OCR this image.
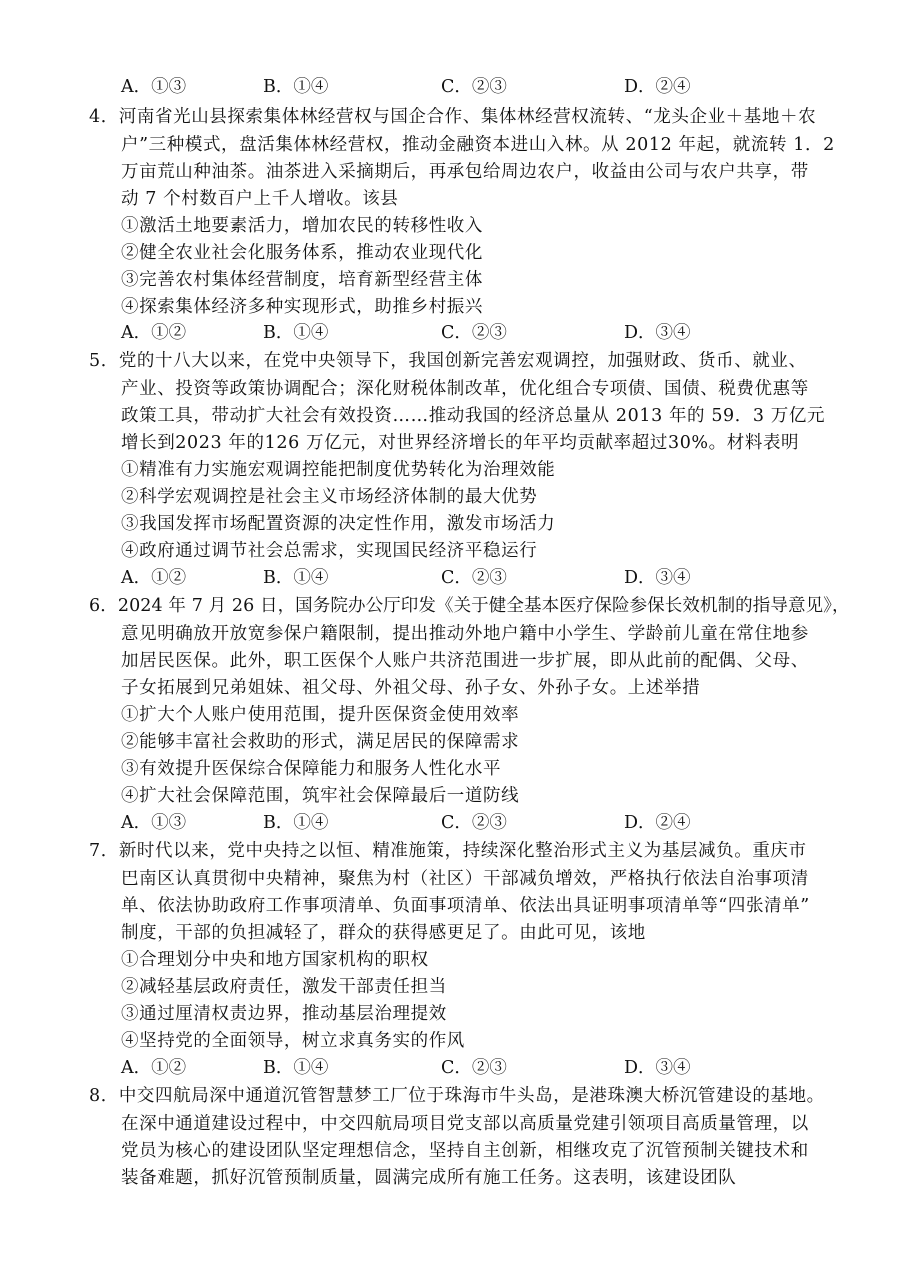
A．①③	B．①④	C．②③	D．②④
4．河南省光山县探索集体林经营权与国企合作、集体林经营权流转、“龙头企业＋基地＋农
户”三种模式，盘活集体林经营权，推动金融资本进山入林。从 2012 年起，就流转 1．2
万亩荒山种油茶。油茶进入采摘期后，再承包给周边农户，收益由公司与农户共享，带
动 7 个村数百户上千人增收。该县
①激活土地要素活力，增加农民的转移性收入
②健全农业社会化服务体系，推动农业现代化
③完善农村集体经营制度，培育新型经营主体
④探索集体经济多种实现形式，助推乡村振兴
A．①②	B．①④	C．②③	D．③④
5．党的十八大以来，在党中央领导下，我国创新完善宏观调控，加强财政、货币、就业、
产业、投资等政策协调配合；深化财税体制改革，优化组合专项债、国债、税费优惠等
政策工具，带动扩大社会有效投资……推动我国的经济总量从 2013 年的 59．3 万亿元
增长到2023 年的126 万亿元，对世界经济增长的年平均贡献率超过30%。材料表明
①精准有力实施宏观调控能把制度优势转化为治理效能
②科学宏观调控是社会主义市场经济体制的最大优势
③我国发挥市场配置资源的决定性作用，激发市场活力
④政府通过调节社会总需求，实现国民经济平稳运行
A．①②	B．①④	C．②③	D．③④
6．2024 年 7 月 26 日，国务院办公厅印发《关于健全基本医疗保险参保长效机制的指导意见》，
意见明确放开放宽参保户籍限制，提出推动外地户籍中小学生、学龄前儿童在常住地参
加居民医保。此外，职工医保个人账户共济范围进一步扩展，即从此前的配偶、父母、
子女拓展到兄弟姐妹、祖父母、外祖父母、孙子女、外孙子女。上述举措
①扩大个人账户使用范围，提升医保资金使用效率
②能够丰富社会救助的形式，满足居民的保障需求
③有效提升医保综合保障能力和服务人性化水平
④扩大社会保障范围，筑牢社会保障最后一道防线
A．①③	B．①④	C．②③	D．②④
7．新时代以来，党中央持之以恒、精准施策，持续深化整治形式主义为基层减负。重庆市
巴南区认真贯彻中央精神，聚焦为村（社区）干部减负增效，严格执行依法自治事项清
单、依法协助政府工作事项清单、负面事项清单、依法出具证明事项清单等“四张清单”
制度，干部的负担减轻了，群众的获得感更足了。由此可见，该地
①合理划分中央和地方国家机构的职权
②减轻基层政府责任，激发干部责任担当
③通过厘清权责边界，推动基层治理提效
④坚持党的全面领导，树立求真务实的作风
A．①②	B．①④	C．②③	D．③④
8．中交四航局深中通道沉管智慧梦工厂位于珠海市牛头岛，是港珠澳大桥沉管建设的基地。
在深中通道建设过程中，中交四航局项目党支部以高质量党建引领项目高质量管理，以
党员为核心的建设团队坚定理想信念，坚持自主创新，相继攻克了沉管预制关键技术和
装备难题，抓好沉管预制质量，圆满完成所有施工任务。这表明，该建设团队
